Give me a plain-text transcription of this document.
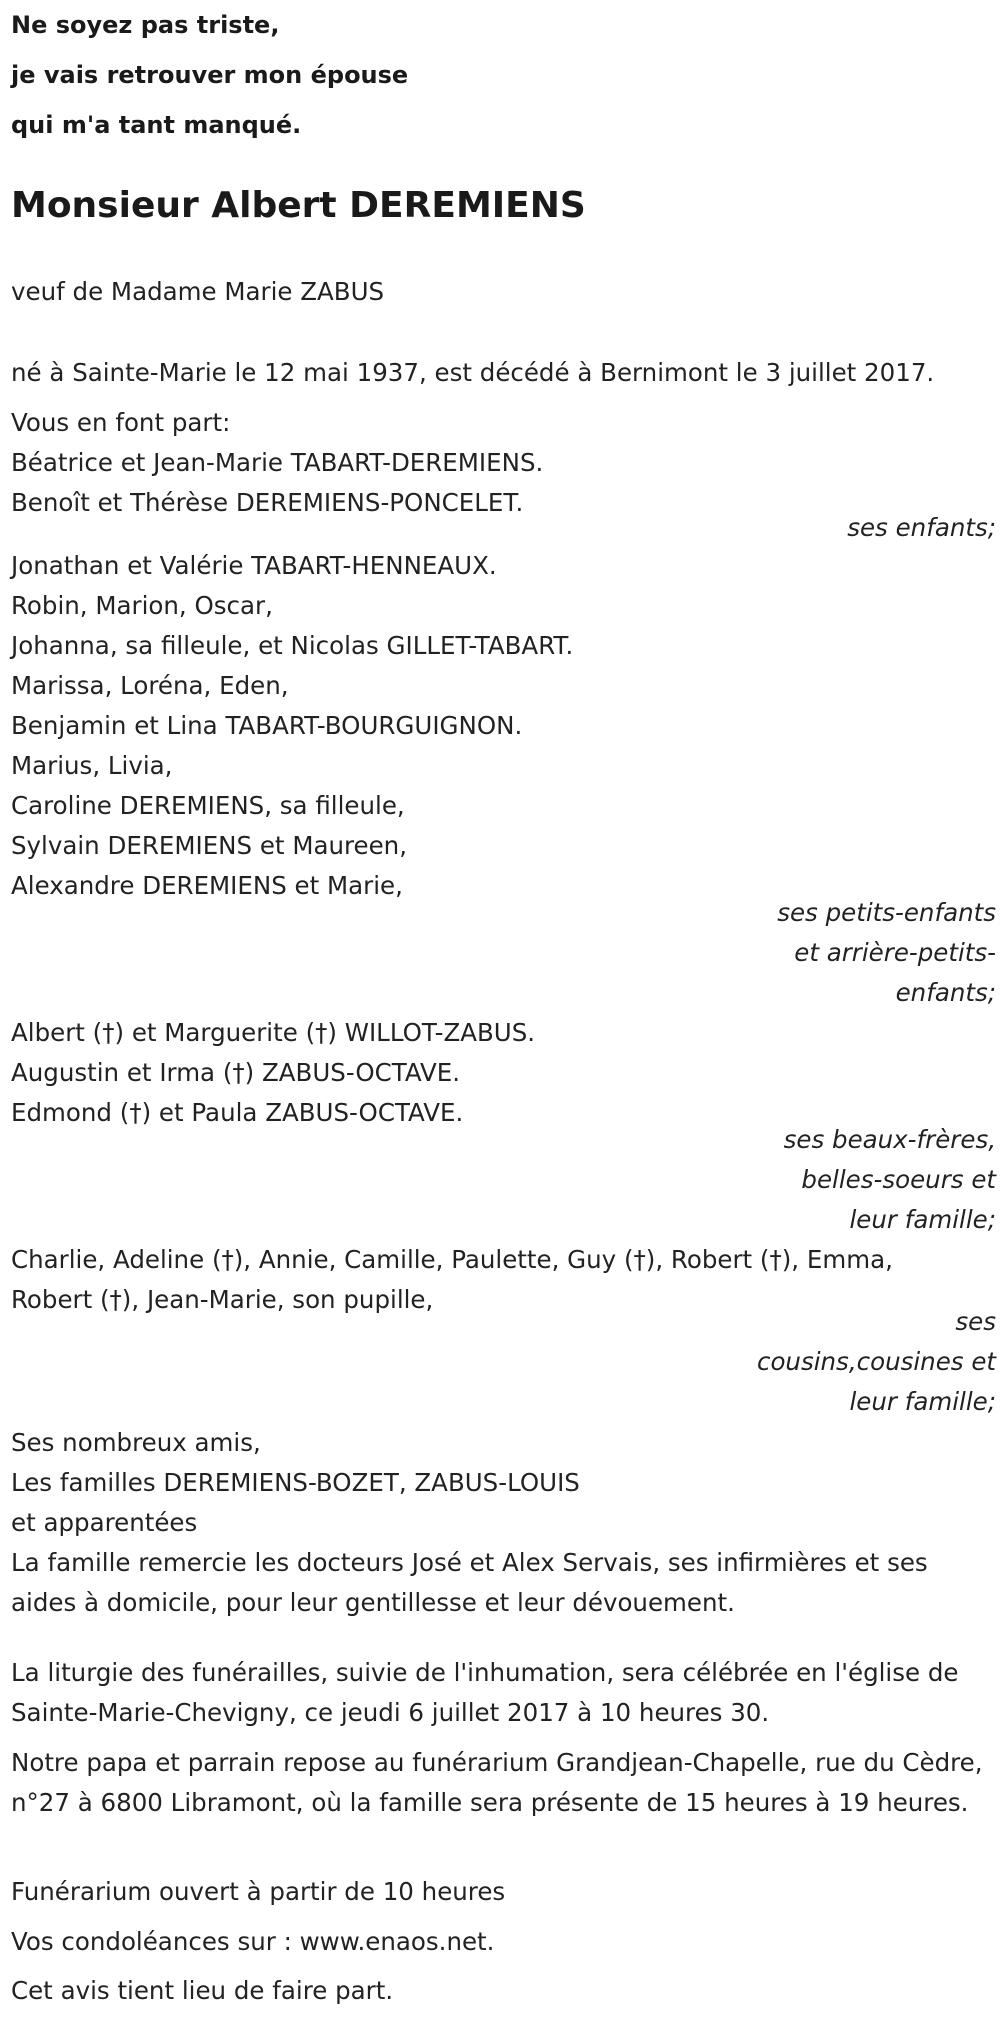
Ne soyez pas triste,

je vais retrouver mon épouse

qui m'a tant manqué.

Monsieur Albert DEREMIENS

veuf de Madame Marie ZABUS

né à Sainte-Marie le 12 mai 1937, est décédé à Bernimont le 3 juillet 2017.

Vous en font part:

Béatrice et Jean-Marie TABART-DEREMIENS.

Benoît et Thérèse DEREMIENS-PONCELET.

ses enfants;

Jonathan et Valérie TABART-HENNEAUX.

Robin, Marion, Oscar,

Johanna, sa filleule, et Nicolas GILLET-TABART.

Marissa, Loréna, Eden,

Benjamin et Lina TABART-BOURGUIGNON.

Marius, Livia,

Caroline DEREMIENS, sa filleule,

Sylvain DEREMIENS et Maureen,

Alexandre DEREMIENS et Marie,

ses petits-enfants

et arrière-petits-

enfants;

Albert (†) et Marguerite (†) WILLOT-ZABUS.

Augustin et Irma (†) ZABUS-OCTAVE.

Edmond (†) et Paula ZABUS-OCTAVE.

ses beaux-frères,

belles-soeurs et

leur famille;

Charlie, Adeline (†), Annie, Camille, Paulette, Guy (†), Robert (†), Emma,

Robert (†), Jean-Marie, son pupille,

ses

cousins,cousines et

leur famille;

Ses nombreux amis,

Les familles DEREMIENS-BOZET, ZABUS-LOUIS

et apparentées

La famille remercie les docteurs José et Alex Servais, ses infirmières et ses aides à domicile, pour leur gentillesse et leur dévouement.

La liturgie des funérailles, suivie de l'inhumation, sera célébrée en l'église de Sainte-Marie-Chevigny, ce jeudi 6 juillet 2017 à 10 heures 30.

Notre papa et parrain repose au funérarium Grandjean-Chapelle, rue du Cèdre, n°27 à 6800 Libramont, où la famille sera présente de 15 heures à 19 heures.

Funérarium ouvert à partir de 10 heures

Vos condoléances sur : www.enaos.net.

Cet avis tient lieu de faire part.
